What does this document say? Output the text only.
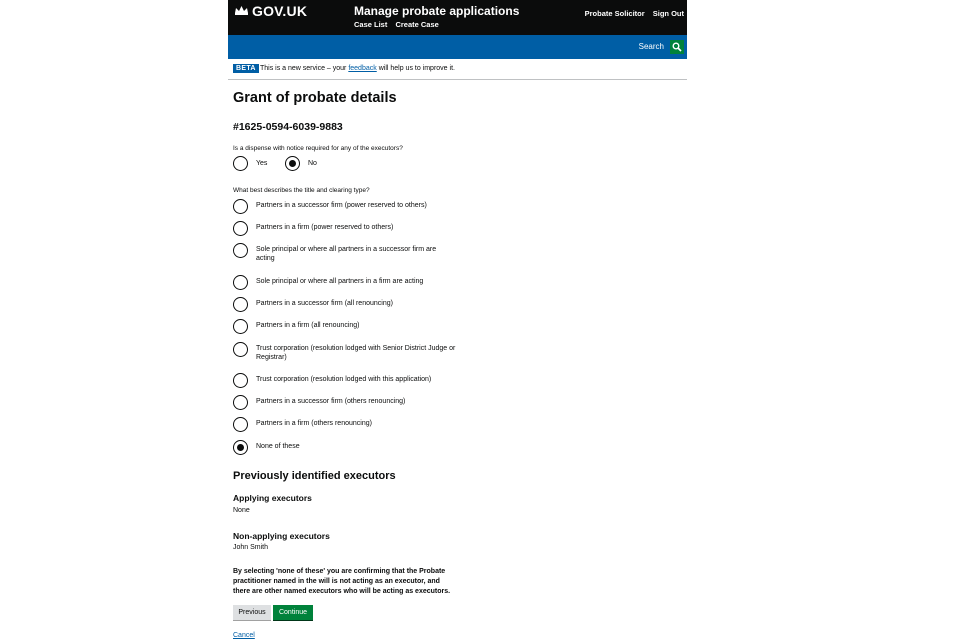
GOV.UK	Manage probate applications
Case List Create Case
Probate Solicitor Sign Out
Search
BETA This is a new service – your feedback will help us to improve it.
Grant of probate details
#1625-0594-6039-9883
Is a dispense with notice required for any of the executors?
Yes	No
What best describes the title and clearing type?
Partners in a successor firm (power reserved to others)
Partners in a firm (power reserved to others)
Sole principal or where all partners in a successor firm are acting
Sole principal or where all partners in a firm are acting
Partners in a successor firm (all renouncing)
Partners in a firm (all renouncing)
Trust corporation (resolution lodged with Senior District Judge or Registrar)
Trust corporation (resolution lodged with this application)
Partners in a successor firm (others renouncing)
Partners in a firm (others renouncing)
None of these
Previously identified executors
Applying executors
None
Non-applying executors
John Smith
By selecting 'none of these' you are confirming that the Probate practitioner named in the will is not acting as an executor, and there are other named executors who will be acting as executors.
Previous	Continue
Cancel
